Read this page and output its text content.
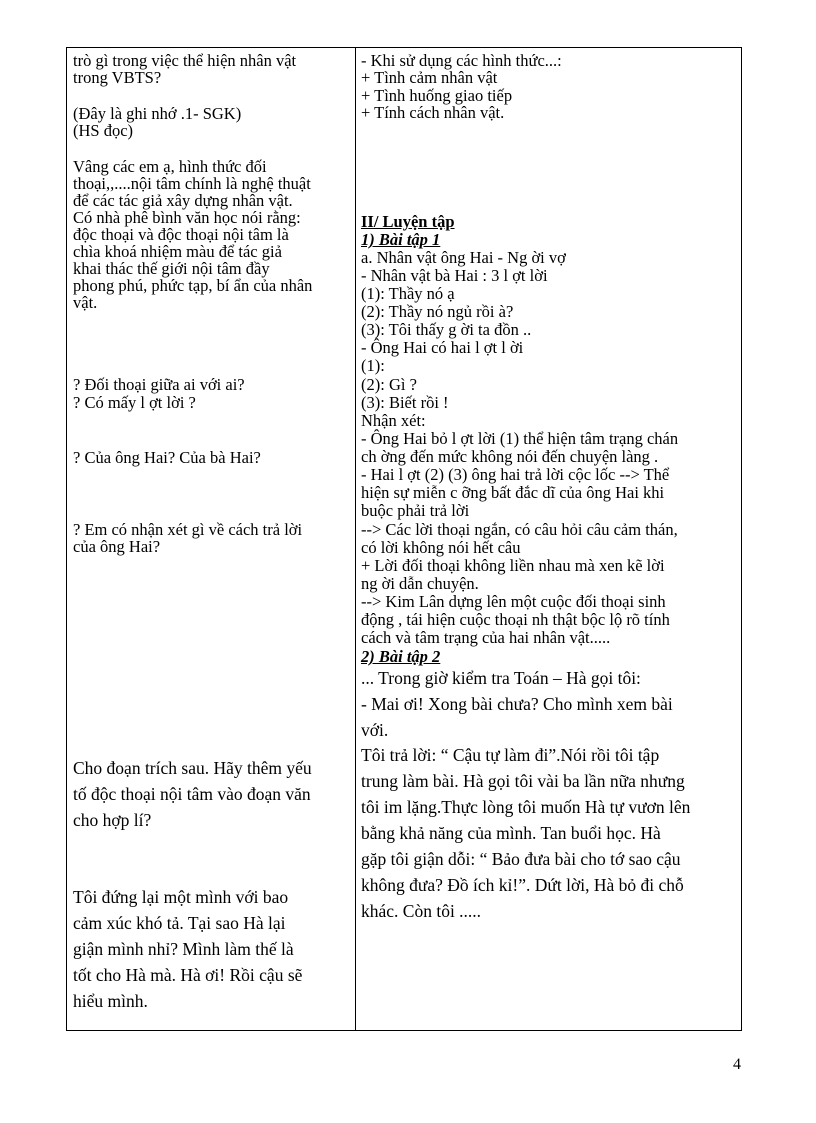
trò gì trong việc thể hiện nhân vật
trong VBTS?
(Đây là ghi nhớ .1- SGK)
(HS đọc)
Vâng các em ạ, hình thức đối
thoại,,....nội tâm chính là nghệ thuật
để các tác giả xây dựng nhân vật.
Có nhà phê bình văn học nói rằng:
độc thoại và độc thoại nội tâm là
chìa khoá nhiệm màu để tác giả
khai thác thế giới nội tâm đầy
phong phú, phức tạp, bí ẩn của nhân
vật.
? Đối thoại giữa ai với ai?
? Có mấy l ợt lời ?
? Của ông Hai? Của bà Hai?
? Em có nhận xét gì về cách trả lời
của ông Hai?
Cho đoạn trích sau. Hãy thêm yếu
tố độc thoại nội tâm vào đoạn văn
cho hợp lí?
Tôi đứng lại một mình với bao
cảm xúc khó tả. Tại sao Hà lại
giận mình nhỉ? Mình làm thế là
tốt cho Hà mà. Hà ơi! Rồi cậu sẽ
hiểu mình.
- Khi sử dụng các hình thức...:
+ Tình cảm nhân vật
+ Tình huống giao tiếp
+ Tính cách nhân vật.
II/ Luyện tập
1) Bài tập 1
a. Nhân vật ông Hai - Ng ời vợ
- Nhân vật bà Hai : 3 l ợt lời
(1): Thầy nó ạ
(2): Thầy nó ngủ rồi à?
(3): Tôi thấy g ời ta đồn ..
- Ông Hai có hai l ợt l ời
(1):
(2): Gì ?
(3): Biết rồi !
Nhận xét:
- Ông Hai bỏ l ợt lời (1) thể hiện tâm trạng chán
ch ờng đến mức không nói đến chuyện làng .
- Hai l ợt (2) (3) ông hai trả lời cộc lốc --> Thể
hiện sự miễn c ỡng bất đắc dĩ của ông Hai khi
buộc phải trả lời
--> Các lời thoại ngắn, có câu hỏi câu cảm thán,
có lời không nói hết câu
+ Lời đối thoại không liền nhau mà xen kẽ lời
ng ời dẫn chuyện.
--> Kim Lân dựng lên một cuộc đối thoại sinh
động , tái hiện cuộc thoại nh thật bộc lộ rõ tính
cách và tâm trạng của hai nhân vật.....
2) Bài tập 2
... Trong giờ kiểm tra Toán – Hà gọi tôi:
- Mai ơi! Xong bài chưa? Cho mình xem bài
với.
Tôi trả lời: “ Cậu tự làm đi”.Nói rồi tôi tập
trung làm bài. Hà gọi tôi vài ba lần nữa nhưng
tôi im lặng.Thực lòng tôi muốn Hà tự vươn lên
bằng khả năng của mình. Tan buổi học. Hà
gặp tôi giận dỗi: “ Bảo đưa bài cho tớ sao cậu
không đưa? Đồ ích kỉ!”. Dứt lời, Hà bỏ đi chỗ
khác. Còn tôi .....
4
